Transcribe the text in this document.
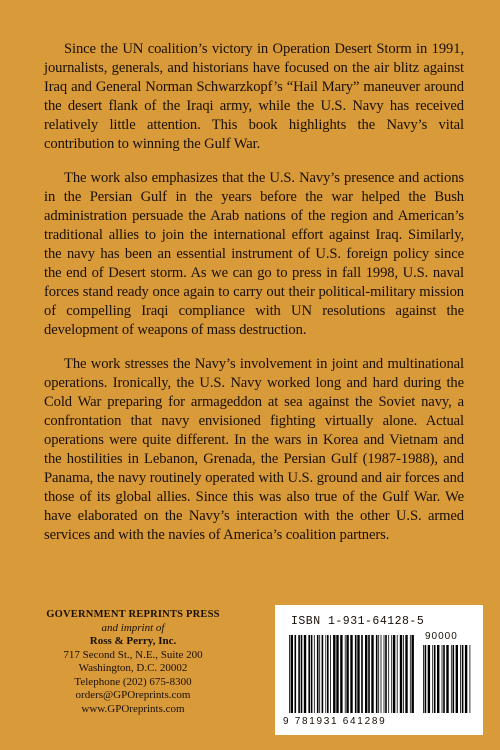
Since the UN coalition’s victory in Operation Desert Storm in 1991, journalists, generals, and historians have focused on the air blitz against Iraq and General Norman Schwarzkopf’s “Hail Mary” maneuver around the desert flank of the Iraqi army, while the U.S. Navy has received relatively little attention. This book highlights the Navy’s vital contribution to winning the Gulf War.

The work also emphasizes that the U.S. Navy’s presence and actions in the Persian Gulf in the years before the war helped the Bush administration persuade the Arab nations of the region and American’s traditional allies to join the international effort against Iraq. Similarly, the navy has been an essential instrument of U.S. foreign policy since the end of Desert storm. As we can go to press in fall 1998, U.S. naval forces stand ready once again to carry out their political-military mission of compelling Iraqi compliance with UN resolutions against the development of weapons of mass destruction.

The work stresses the Navy’s involvement in joint and multinational operations. Ironically, the U.S. Navy worked long and hard during the Cold War preparing for armageddon at sea against the Soviet navy, a confrontation that navy envisioned fighting virtually alone. Actual operations were quite different. In the wars in Korea and Vietnam and the hostilities in Lebanon, Grenada, the Persian Gulf (1987-1988), and Panama, the navy routinely operated with U.S. ground and air forces and those of its global allies. Since this was also true of the Gulf War. We have elaborated on the Navy’s interaction with the other U.S. armed services and with the navies of America’s coalition partners.

GOVERNMENT REPRINTS PRESS
and imprint of
Ross & Perry, Inc.
717 Second St., N.E., Suite 200
Washington, D.C. 20002
Telephone (202) 675-8300
orders@GPOreprints.com
www.GPOreprints.com
ISBN 1-931-64128-5
90000
9 781931 641289
